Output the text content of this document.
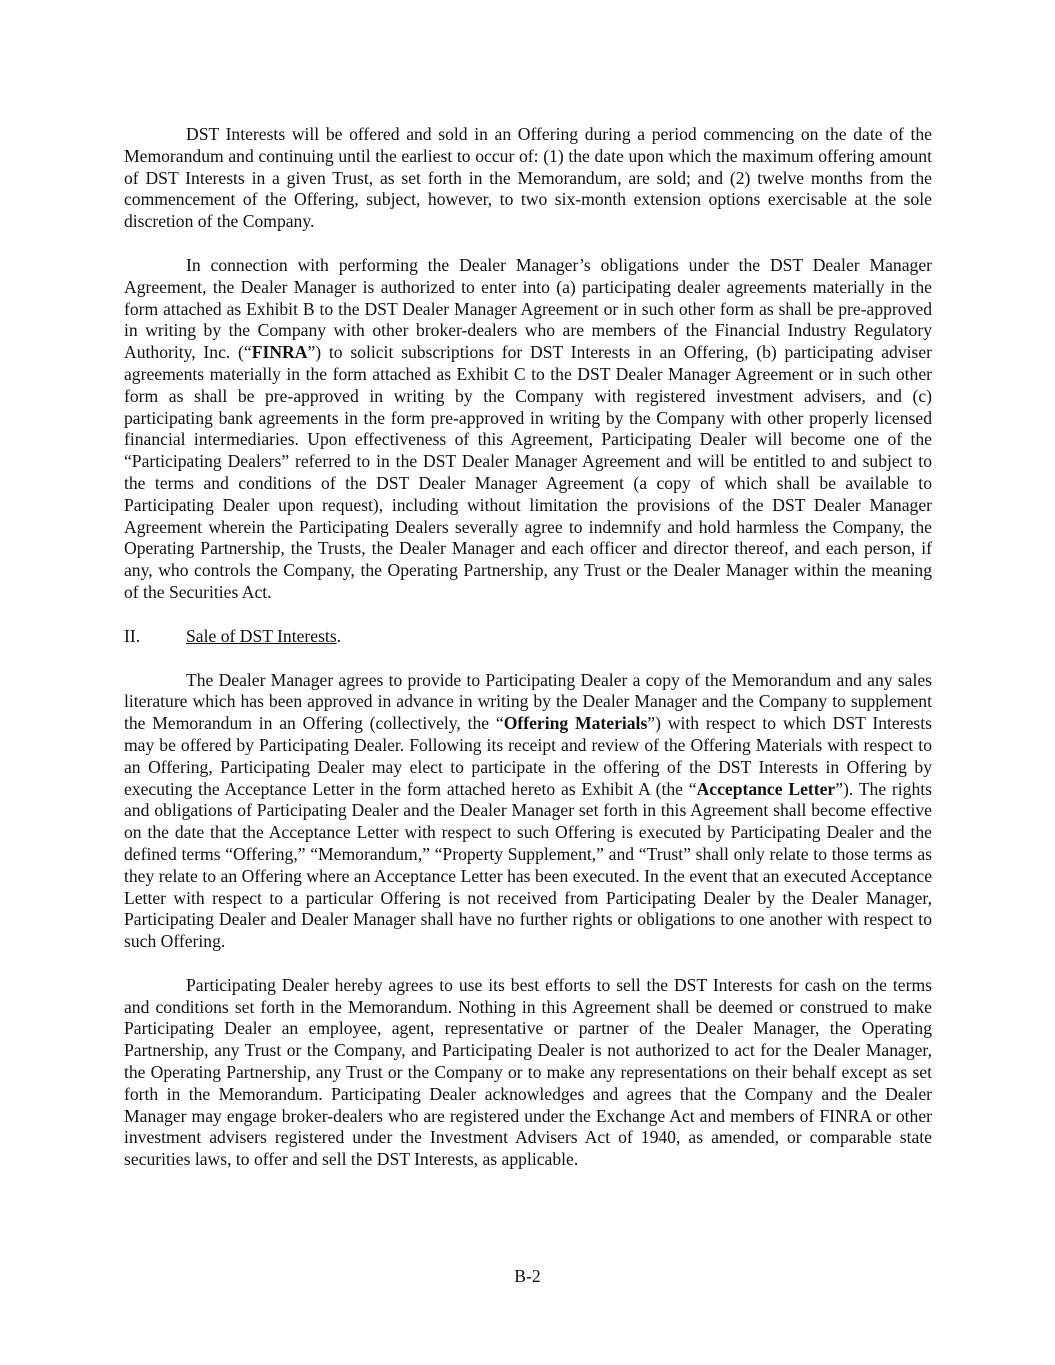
DST Interests will be offered and sold in an Offering during a period commencing on the date of the Memorandum and continuing until the earliest to occur of: (1) the date upon which the maximum offering amount of DST Interests in a given Trust, as set forth in the Memorandum, are sold; and (2) twelve months from the commencement of the Offering, subject, however, to two six-month extension options exercisable at the sole discretion of the Company.

In connection with performing the Dealer Manager’s obligations under the DST Dealer Manager Agreement, the Dealer Manager is authorized to enter into (a) participating dealer agreements materially in the form attached as Exhibit B to the DST Dealer Manager Agreement or in such other form as shall be pre-approved in writing by the Company with other broker-dealers who are members of the Financial Industry Regulatory Authority, Inc. (“FINRA”) to solicit subscriptions for DST Interests in an Offering, (b) participating adviser agreements materially in the form attached as Exhibit C to the DST Dealer Manager Agreement or in such other form as shall be pre-approved in writing by the Company with registered investment advisers, and (c) participating bank agreements in the form pre-approved in writing by the Company with other properly licensed financial intermediaries. Upon effectiveness of this Agreement, Participating Dealer will become one of the “Participating Dealers” referred to in the DST Dealer Manager Agreement and will be entitled to and subject to the terms and conditions of the DST Dealer Manager Agreement (a copy of which shall be available to Participating Dealer upon request), including without limitation the provisions of the DST Dealer Manager Agreement wherein the Participating Dealers severally agree to indemnify and hold harmless the Company, the Operating Partnership, the Trusts, the Dealer Manager and each officer and director thereof, and each person, if any, who controls the Company, the Operating Partnership, any Trust or the Dealer Manager within the meaning of the Securities Act.

II.	Sale of DST Interests.

The Dealer Manager agrees to provide to Participating Dealer a copy of the Memorandum and any sales literature which has been approved in advance in writing by the Dealer Manager and the Company to supplement the Memorandum in an Offering (collectively, the “Offering Materials”) with respect to which DST Interests may be offered by Participating Dealer. Following its receipt and review of the Offering Materials with respect to an Offering, Participating Dealer may elect to participate in the offering of the DST Interests in Offering by executing the Acceptance Letter in the form attached hereto as Exhibit A (the “Acceptance Letter”). The rights and obligations of Participating Dealer and the Dealer Manager set forth in this Agreement shall become effective on the date that the Acceptance Letter with respect to such Offering is executed by Participating Dealer and the defined terms “Offering,” “Memorandum,” “Property Supplement,” and “Trust” shall only relate to those terms as they relate to an Offering where an Acceptance Letter has been executed. In the event that an executed Acceptance Letter with respect to a particular Offering is not received from Participating Dealer by the Dealer Manager, Participating Dealer and Dealer Manager shall have no further rights or obligations to one another with respect to such Offering.

Participating Dealer hereby agrees to use its best efforts to sell the DST Interests for cash on the terms and conditions set forth in the Memorandum. Nothing in this Agreement shall be deemed or construed to make Participating Dealer an employee, agent, representative or partner of the Dealer Manager, the Operating Partnership, any Trust or the Company, and Participating Dealer is not authorized to act for the Dealer Manager, the Operating Partnership, any Trust or the Company or to make any representations on their behalf except as set forth in the Memorandum. Participating Dealer acknowledges and agrees that the Company and the Dealer Manager may engage broker-dealers who are registered under the Exchange Act and members of FINRA or other investment advisers registered under the Investment Advisers Act of 1940, as amended, or comparable state securities laws, to offer and sell the DST Interests, as applicable.

B-2
